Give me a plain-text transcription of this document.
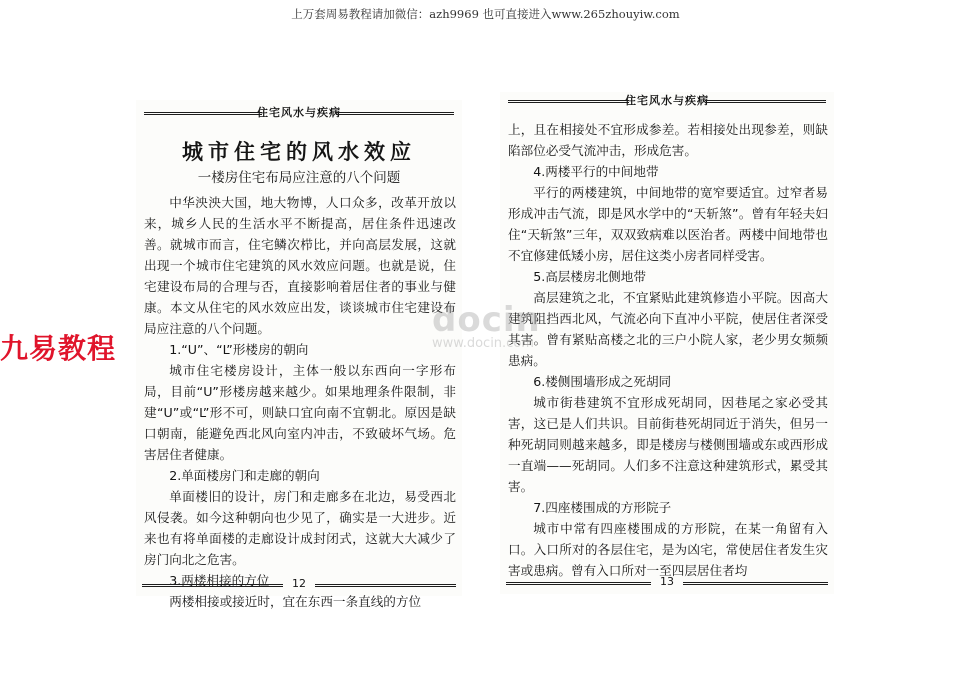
上万套周易教程请加微信：azh9969 也可直接进入www.265zhouyiw.com
九易教程
住宅风水与疾病
城市住宅的风水效应
一楼房住宅布局应注意的八个问题

中华泱泱大国，地大物博，人口众多，改革开放以来，城乡人民的生活水平不断提高，居住条件迅速改善。就城市而言，住宅鳞次栉比，并向高层发展，这就出现一个城市住宅建筑的风水效应问题。也就是说，住宅建设布局的合理与否，直接影响着居住者的事业与健康。本文从住宅的风水效应出发，谈谈城市住宅建设布局应注意的八个问题。

1.“U”、“L”形楼房的朝向

城市住宅楼房设计，主体一般以东西向一字形布局，目前“U”形楼房越来越少。如果地理条件限制，非建“U”或“L”形不可，则缺口宜向南不宜朝北。原因是缺口朝南，能避免西北风向室内冲击，不致破坏气场。危害居住者健康。

2.单面楼房门和走廊的朝向

单面楼旧的设计，房门和走廊多在北边，易受西北风侵袭。如今这种朝向也少见了，确实是一大进步。近来也有将单面楼的走廊设计成封闭式，这就大大减少了房门向北之危害。

3.两楼相接的方位

两楼相接或接近时，宜在东西一条直线的方位

12
住宅风水与疾病

上，且在相接处不宜形成参差。若相接处出现参差，则缺陷部位必受气流冲击，形成危害。

4.两楼平行的中间地带

平行的两楼建筑，中间地带的宽窄要适宜。过窄者易形成冲击气流，即是风水学中的“天斩煞”。曾有年轻夫妇住“天斩煞”三年，双双致病难以医治者。两楼中间地带也不宜修建低矮小房，居住这类小房者同样受害。

5.高层楼房北侧地带

高层建筑之北，不宜紧贴此建筑修造小平院。因高大建筑阻挡西北风，气流必向下直冲小平院，使居住者深受其害。曾有紧贴高楼之北的三户小院人家，老少男女频频患病。

6.楼侧围墙形成之死胡同

城市街巷建筑不宜形成死胡同，因巷尾之家必受其害，这已是人们共识。目前街巷死胡同近于消失，但另一种死胡同则越来越多，即是楼房与楼侧围墙或东或西形成一直端——死胡同。人们多不注意这种建筑形式，累受其害。

7.四座楼围成的方形院子

城市中常有四座楼围成的方形院，在某一角留有入口。入口所对的各层住宅，是为凶宅，常使居住者发生灾害或患病。曾有入口所对一至四层居住者均

13
docin
www.docin.com
